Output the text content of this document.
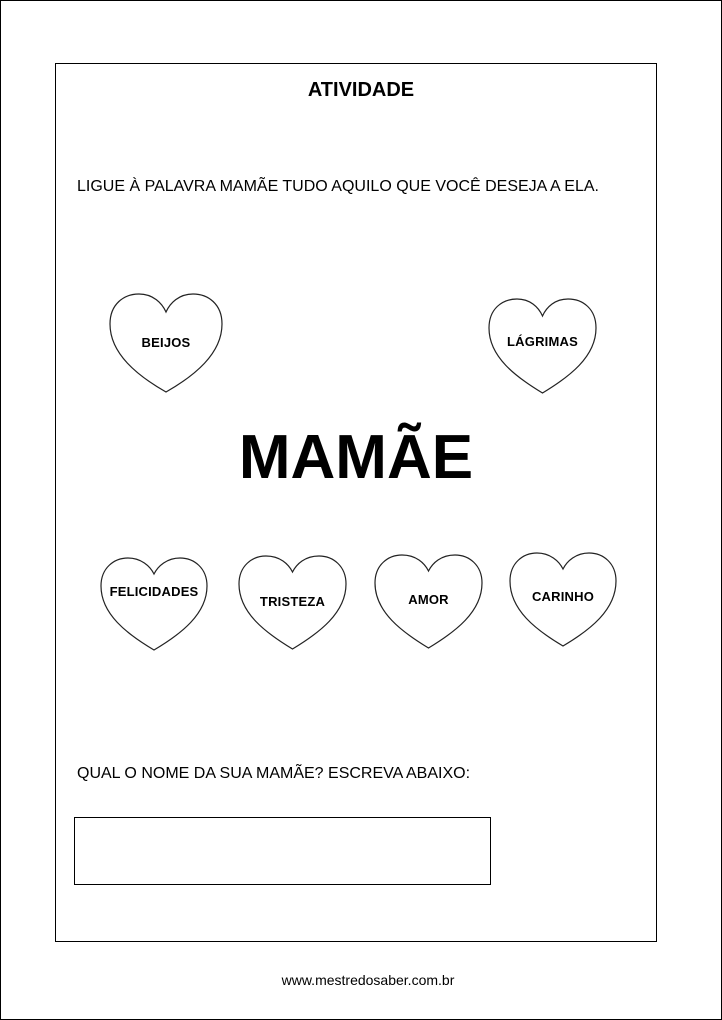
ATIVIDADE
LIGUE À PALAVRA MAMÃE TUDO AQUILO QUE VOCÊ DESEJA A ELA.
BEIJOS	LÁGRIMAS
MAMÃE
FELICIDADES
TRISTEZA	AMOR	CARINHO
QUAL O NOME DA SUA MAMÃE? ESCREVA ABAIXO:
www.mestredosaber.com.br
